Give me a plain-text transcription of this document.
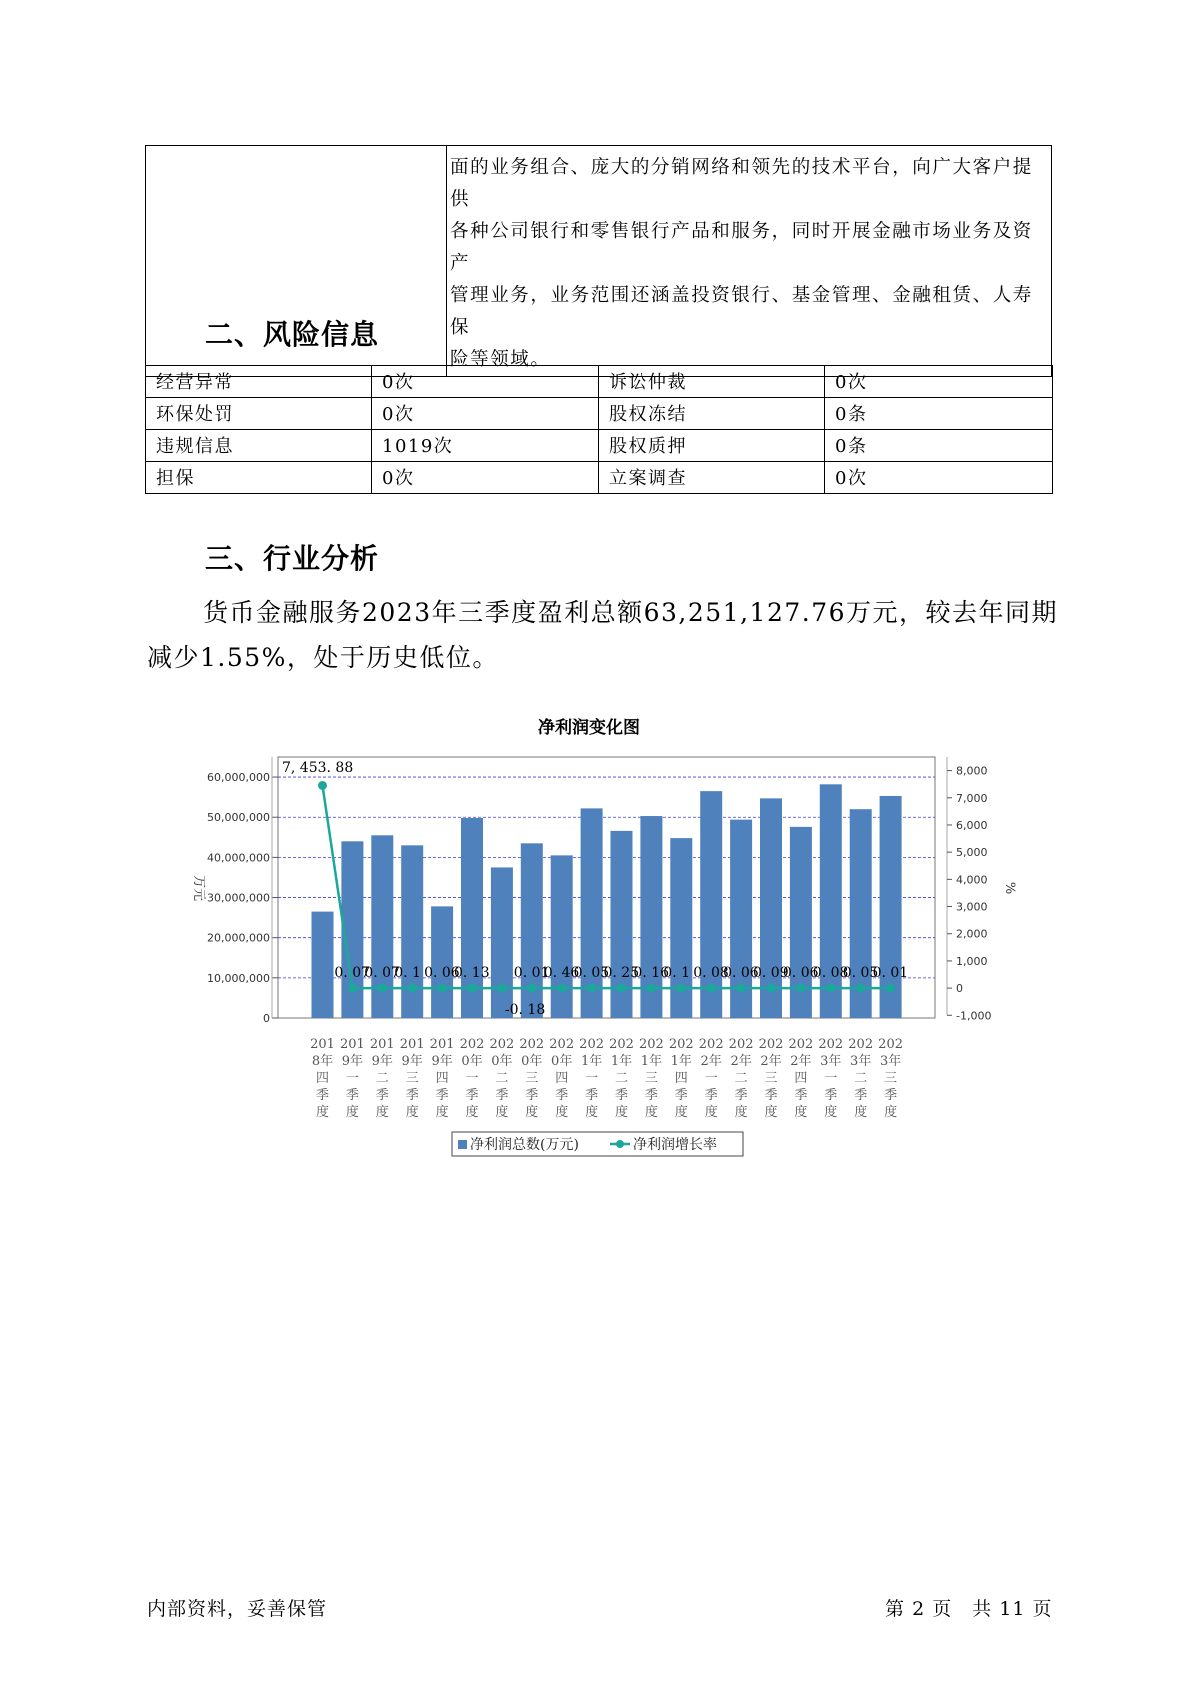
面的业务组合、庞大的分销网络和领先的技术平台，向广大客户提供
各种公司银行和零售银行产品和服务，同时开展金融市场业务及资产
管理业务，业务范围还涵盖投资银行、基金管理、金融租赁、人寿保
险等领域。
二、风险信息
经营异常	0次	诉讼仲裁	0次
环保处罚	0次	股权冻结	0条
违规信息	1019次	股权质押	0条
担保	0次	立案调查	0次
三、行业分析
货币金融服务2023年三季度盈利总额63,251,127.76万元，较去年同期
减少1.55%，处于历史低位。
净利润变化图
0
10,000,000
20,000,000
30,000,000
40,000,000
50,000,000
60,000,000
-1,000
0
1,000
2,000
3,000
4,000
5,000
6,000
7,000
8,000
万元	%
7, 453. 88
0. 07
0. 07
0. 1 0. 06
0. 13
-0. 18
0. 01
0. 46
0. 05
0. 25
0. 16
0. 1 0. 08
0. 06
0. 09
0. 06
0. 08
0. 05
0. 01
201
8年
四
季
度
201
9年
一
季
度
201
9年
二
季
度
201
9年
三
季
度
201
9年
四
季
度
202
0年
一
季
度
202
0年
二
季
度
202
0年
三
季
度
202
0年
四
季
度
202
1年
一
季
度
202
1年
二
季
度
202
1年
三
季
度
202
1年
四
季
度
202
2年
一
季
度
202
2年
二
季
度
202
2年
三
季
度
202
2年
四
季
度
202
3年
一
季
度
202
3年
二
季
度
202
3年
三
季
度
净利润总数(万元)	净利润增长率
内部资料，妥善保管	第 2 页　共 11 页
